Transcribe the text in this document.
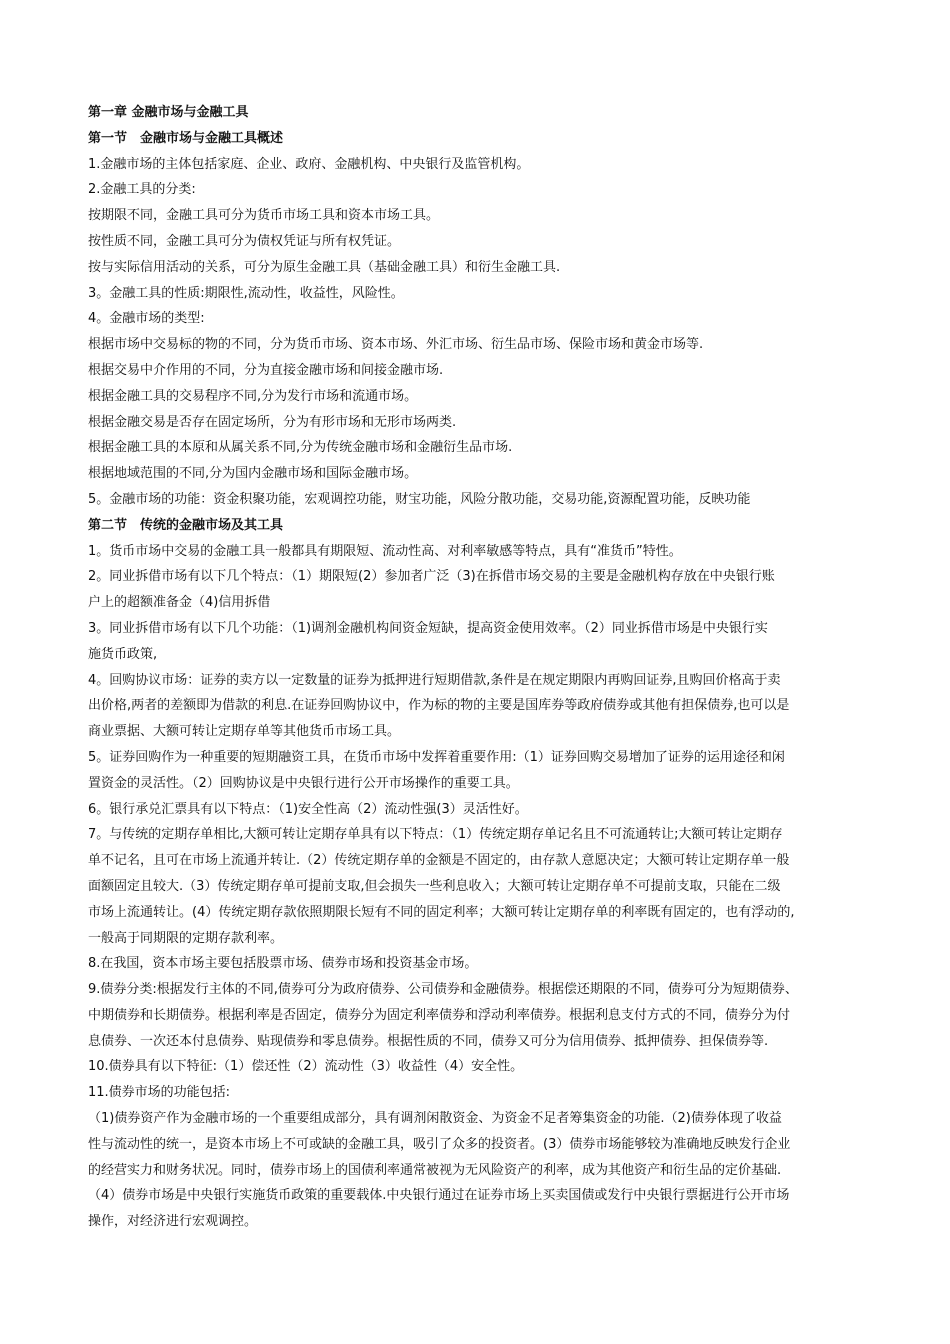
第一章 金融市场与金融工具
第一节　金融市场与金融工具概述
1.金融市场的主体包括家庭、企业、政府、金融机构、中央银行及监管机构。
2.金融工具的分类:
按期限不同，金融工具可分为货币市场工具和资本市场工具。
按性质不同，金融工具可分为债权凭证与所有权凭证。
按与实际信用活动的关系，可分为原生金融工具（基础金融工具）和衍生金融工具.
3。金融工具的性质:期限性,流动性，收益性，风险性。
4。金融市场的类型:
根据市场中交易标的物的不同，分为货币市场、资本市场、外汇市场、衍生品市场、保险市场和黄金市场等.
根据交易中介作用的不同，分为直接金融市场和间接金融市场.
根据金融工具的交易程序不同,分为发行市场和流通市场。
根据金融交易是否存在固定场所，分为有形市场和无形市场两类.
根据金融工具的本原和从属关系不同,分为传统金融市场和金融衍生品市场.
根据地域范围的不同,分为国内金融市场和国际金融市场。
5。金融市场的功能：资金积聚功能，宏观调控功能，财宝功能，风险分散功能，交易功能,资源配置功能，反映功能
第二节　传统的金融市场及其工具
1。货币市场中交易的金融工具一般都具有期限短、流动性高、对利率敏感等特点，具有“准货币”特性。
2。同业拆借市场有以下几个特点：（1）期限短(2）参加者广泛（3)在拆借市场交易的主要是金融机构存放在中央银行账
户上的超额准备金（4)信用拆借
3。同业拆借市场有以下几个功能：（1)调剂金融机构间资金短缺，提高资金使用效率。（2）同业拆借市场是中央银行实
施货币政策,
4。回购协议市场：证券的卖方以一定数量的证券为抵押进行短期借款,条件是在规定期限内再购回证券,且购回价格高于卖
出价格,两者的差额即为借款的利息.在证券回购协议中，作为标的物的主要是国库券等政府债券或其他有担保债券,也可以是
商业票据、大额可转让定期存单等其他货币市场工具。
5。证券回购作为一种重要的短期融资工具，在货币市场中发挥着重要作用:（1）证券回购交易增加了证券的运用途径和闲
置资金的灵活性。（2）回购协议是中央银行进行公开市场操作的重要工具。
6。银行承兑汇票具有以下特点：（1)安全性高（2）流动性强(3）灵活性好。
7。与传统的定期存单相比,大额可转让定期存单具有以下特点：（1）传统定期存单记名且不可流通转让;大额可转让定期存
单不记名，且可在市场上流通并转让.（2）传统定期存单的金额是不固定的，由存款人意愿决定；大额可转让定期存单一般
面额固定且较大.（3）传统定期存单可提前支取,但会损失一些利息收入；大额可转让定期存单不可提前支取，只能在二级
市场上流通转让。(4）传统定期存款依照期限长短有不同的固定利率；大额可转让定期存单的利率既有固定的，也有浮动的,
一般高于同期限的定期存款利率。
8.在我国，资本市场主要包括股票市场、债券市场和投资基金市场。
9.债券分类:根据发行主体的不同,债券可分为政府债券、公司债券和金融债券。根据偿还期限的不同，债券可分为短期债券、
中期债券和长期债券。根据利率是否固定，债券分为固定利率债券和浮动利率债券。根据利息支付方式的不同，债券分为付
息债券、一次还本付息债券、贴现债券和零息债券。根据性质的不同，债券又可分为信用债券、抵押债券、担保债券等.
10.债券具有以下特征:（1）偿还性（2）流动性（3）收益性（4）安全性。
11.债券市场的功能包括:
（1)债券资产作为金融市场的一个重要组成部分，具有调剂闲散资金、为资金不足者筹集资金的功能.（2)债券体现了收益
性与流动性的统一，是资本市场上不可或缺的金融工具，吸引了众多的投资者。(3）债券市场能够较为准确地反映发行企业
的经营实力和财务状况。同时，债券市场上的国债利率通常被视为无风险资产的利率，成为其他资产和衍生品的定价基础.
（4）债券市场是中央银行实施货币政策的重要载体.中央银行通过在证券市场上买卖国债或发行中央银行票据进行公开市场
操作，对经济进行宏观调控。
